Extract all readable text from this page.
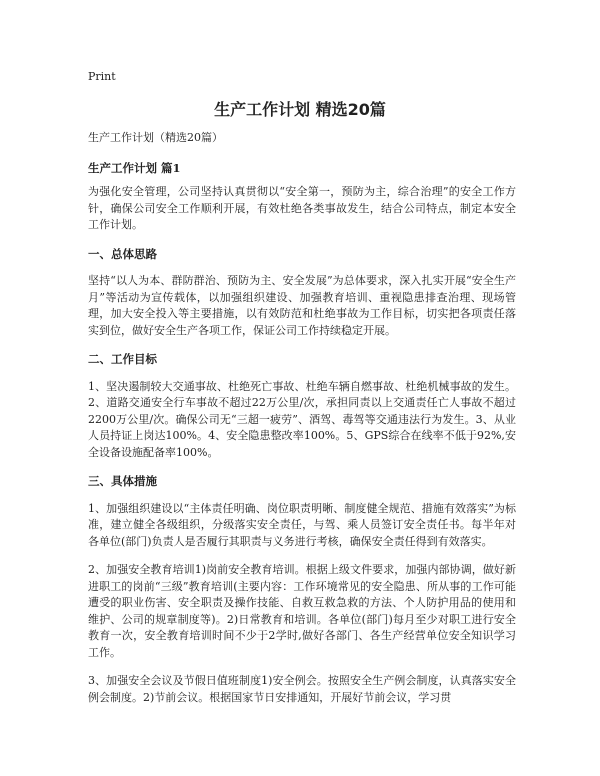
Print
生产工作计划 精选20篇

生产工作计划（精选20篇）

生产工作计划 篇1

为强化安全管理，公司坚持认真贯彻以“安全第一，预防为主，综合治理”的安全工作方针，确保公司安全工作顺利开展，有效杜绝各类事故发生，结合公司特点，制定本安全工作计划。

一、总体思路

坚持“以人为本、群防群治、预防为主、安全发展”为总体要求，深入扎实开展“安全生产月”等活动为宣传载体，以加强组织建设、加强教育培训、重视隐患排查治理、现场管理，加大安全投入等主要措施，以有效防范和杜绝事故为工作目标，切实把各项责任落实到位，做好安全生产各项工作，保证公司工作持续稳定开展。

二、工作目标

1、坚决遏制较大交通事故、杜绝死亡事故、杜绝车辆自燃事故、杜绝机械事故的发生。2、道路交通安全行车事故不超过22万公里/次，承担同责以上交通责任亡人事故不超过2200万公里/次。确保公司无“三超一疲劳”、酒驾、毒驾等交通违法行为发生。3、从业人员持证上岗达100%。4、安全隐患整改率100%。5、GPS综合在线率不低于92%,安全设备设施配备率100%。

三、具体措施

1、加强组织建设以“主体责任明确、岗位职责明晰、制度健全规范、措施有效落实”为标准，建立健全各级组织，分级落实安全责任，与驾、乘人员签订安全责任书。每半年对各单位(部门)负责人是否履行其职责与义务进行考核，确保安全责任得到有效落实。

2、加强安全教育培训1)岗前安全教育培训。根据上级文件要求，加强内部协调，做好新进职工的岗前“三级”教育培训(主要内容：工作环境常见的安全隐患、所从事的工作可能遭受的职业伤害、安全职责及操作技能、自救互救急救的方法、个人防护用品的使用和维护、公司的规章制度等)。2)日常教育和培训。各单位(部门)每月至少对职工进行安全教育一次，安全教育培训时间不少于2学时,做好各部门、各生产经营单位安全知识学习工作。

3、加强安全会议及节假日值班制度1)安全例会。按照安全生产例会制度，认真落实安全例会制度。2)节前会议。根据国家节日安排通知，开展好节前会议，学习贯
